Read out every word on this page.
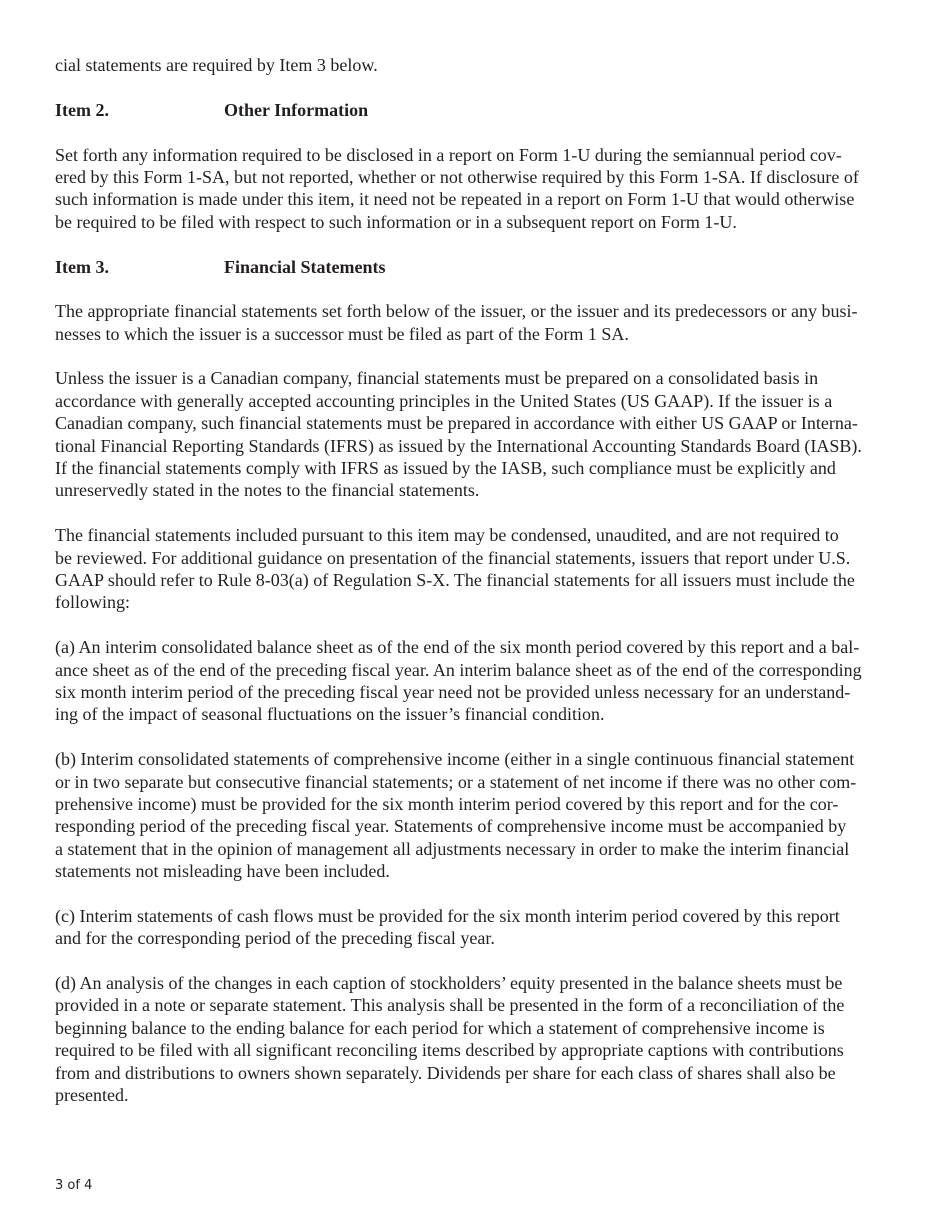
cial statements are required by Item 3 below.
Item 2.	Other Information
Set forth any information required to be disclosed in a report on Form 1-U during the semiannual period cov-
ered by this Form 1-SA, but not reported, whether or not otherwise required by this Form 1-SA. If disclosure of
such information is made under this item, it need not be repeated in a report on Form 1-U that would otherwise
be required to be filed with respect to such information or in a subsequent report on Form 1-U.
Item 3.	Financial Statements
The appropriate financial statements set forth below of the issuer, or the issuer and its predecessors or any busi-
nesses to which the issuer is a successor must be filed as part of the Form 1 SA.
Unless the issuer is a Canadian company, financial statements must be prepared on a consolidated basis in
accordance with generally accepted accounting principles in the United States (US GAAP). If the issuer is a
Canadian company, such financial statements must be prepared in accordance with either US GAAP or Interna-
tional Financial Reporting Standards (IFRS) as issued by the International Accounting Standards Board (IASB).
If the financial statements comply with IFRS as issued by the IASB, such compliance must be explicitly and
unreservedly stated in the notes to the financial statements.
The financial statements included pursuant to this item may be condensed, unaudited, and are not required to
be reviewed. For additional guidance on presentation of the financial statements, issuers that report under U.S.
GAAP should refer to Rule 8-03(a) of Regulation S-X. The financial statements for all issuers must include the
following:
(a) An interim consolidated balance sheet as of the end of the six month period covered by this report and a bal-
ance sheet as of the end of the preceding fiscal year. An interim balance sheet as of the end of the corresponding
six month interim period of the preceding fiscal year need not be provided unless necessary for an understand-
ing of the impact of seasonal fluctuations on the issuer’s financial condition.
(b) Interim consolidated statements of comprehensive income (either in a single continuous financial statement
or in two separate but consecutive financial statements; or a statement of net income if there was no other com-
prehensive income) must be provided for the six month interim period covered by this report and for the cor-
responding period of the preceding fiscal year. Statements of comprehensive income must be accompanied by
a statement that in the opinion of management all adjustments necessary in order to make the interim financial
statements not misleading have been included.
(c) Interim statements of cash flows must be provided for the six month interim period covered by this report
and for the corresponding period of the preceding fiscal year.
(d) An analysis of the changes in each caption of stockholders’ equity presented in the balance sheets must be
provided in a note or separate statement. This analysis shall be presented in the form of a reconciliation of the
beginning balance to the ending balance for each period for which a statement of comprehensive income is
required to be filed with all significant reconciling items described by appropriate captions with contributions
from and distributions to owners shown separately. Dividends per share for each class of shares shall also be
presented.
3 of 4
